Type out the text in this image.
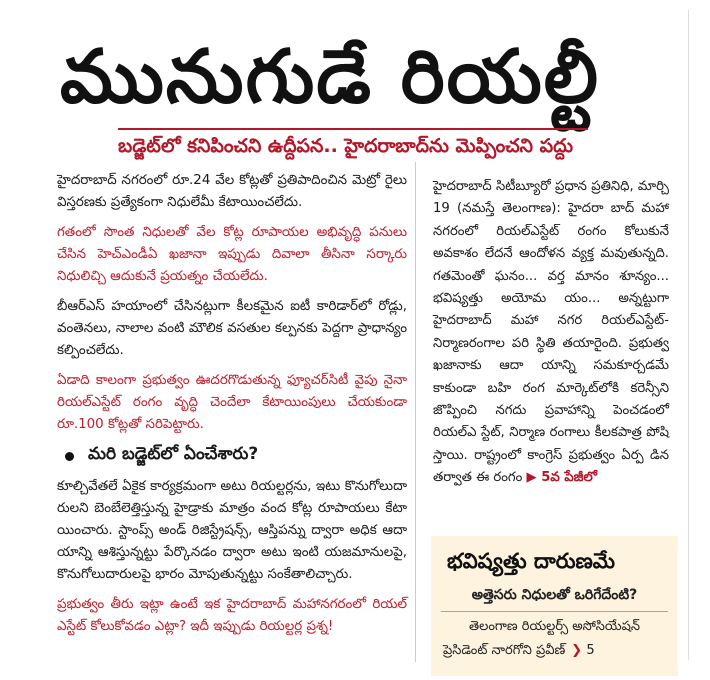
మునుగుడే రియల్టీ
బడ్జెట్‌లో కనిపించని ఉద్దీపన.. హైదరాబాద్‌ను మెప్పించని పద్దు

హైదరాబాద్ నగరంలో రూ.24 వేల కోట్లతో ప్రతిపాదించిన మెట్రో రైలు విస్తరణకు ప్రత్యేకంగా నిధులేమీ కేటాయించలేదు.

గతంలో సొంత నిధులతో వేల కోట్ల రూపాయల అభివృద్ధి పనులు చేసిన హెచ్ఎండీఏ ఖజానా ఇప్పుడు దివాలా తీసినా సర్కారు నిధులిచ్చి ఆదుకునే ప్రయత్నం చేయలేదు.

బీఆర్ఎస్ హయాంలో చేసినట్లుగా కీలకమైన ఐటీ కారిడార్‌లో రోడ్లు, వంతెనలు, నాలాల వంటి మౌలిక వసతుల కల్పనకు పెద్దగా ప్రాధాన్యం కల్పించలేదు.

ఏడాది కాలంగా ప్రభుత్వం ఊదరగొడుతున్న ఫ్యూచర్‌సిటీ వైపు నైనా రియల్‌ఎస్టేట్ రంగం వృద్ధి చెందేలా కేటాయింపులు చేయకుండా రూ.100 కోట్లతో సరిపెట్టారు.

మరి బడ్జెట్‌లో ఏంచేశారు?

కూల్చివేతలే ఏకైక కార్యక్రమంగా అటు రియల్టర్లను, ఇటు కొనుగోలుదా రులని బెంబేలెత్తిస్తున్న హైడ్రాకు మాత్రం వంద కోట్ల రూపాయలు కేటా యించారు. స్టాంప్స్ అండ్ రిజిస్ట్రేషన్స్, ఆస్తిపన్ను ద్వారా అధిక ఆదా యాన్ని ఆశిస్తున్నట్టు పేర్కొనడం ద్వారా అటు ఇంటి యజమానులపై, కొనుగోలుదారులపై భారం మోపుతున్నట్టు సంకేతాలిచ్చారు.

ప్రభుత్వం తీరు ఇట్లా ఉంటే ఇక హైదరాబాద్ మహానగరంలో రియల్ ఎస్టేట్ కోలుకోవడం ఎట్లా? ఇదీ ఇప్పుడు రియల్టర్ల ప్రశ్న!

హైదరాబాద్ సిటీబ్యూరో ప్రధాన ప్రతినిధి, మార్చి 19 (నమస్తే తెలంగాణ): హైదరా బాద్ మహా నగరంలో రియల్‌ఎస్టేట్ రంగం కోలుకునే అవకాశం లేదనే ఆందోళన వ్యక్త మవుతున్నది. గతమెంతో ఘనం... వర్త మానం శూన్యం... భవిష్యత్తు అయోమ యం... అన్నట్టుగా హైదరాబాద్ మహా నగర రియల్‌ఎస్టేట్- నిర్మాణరంగాల పరి స్థితి తయారైంది. ప్రభుత్వ ఖజానాకు ఆదా యాన్ని సమకూర్చడమే కాకుండా బహి రంగ మార్కెట్‌లోకి కరెన్సీని జొప్పించి నగదు ప్రవాహాన్ని పెంచడంలో రియల్ఎ స్టేట్, నిర్మాణ రంగాలు కీలకపాత్ర పోషి స్తాయి. రాష్ట్రంలో కాంగ్రెస్ ప్రభుత్వం ఏర్ప డిన తర్వాత ఈ రంగం ▶ 5వ పేజీలో

భవిష్యత్తు దారుణమే
అత్తెసరు నిధులతో ఒరిగేదేంటి?
తెలంగాణ రియల్టర్స్ అసోసియేషన్
ప్రెసిడెంట్ నారగోని ప్రవీణ్ ❯ 5
